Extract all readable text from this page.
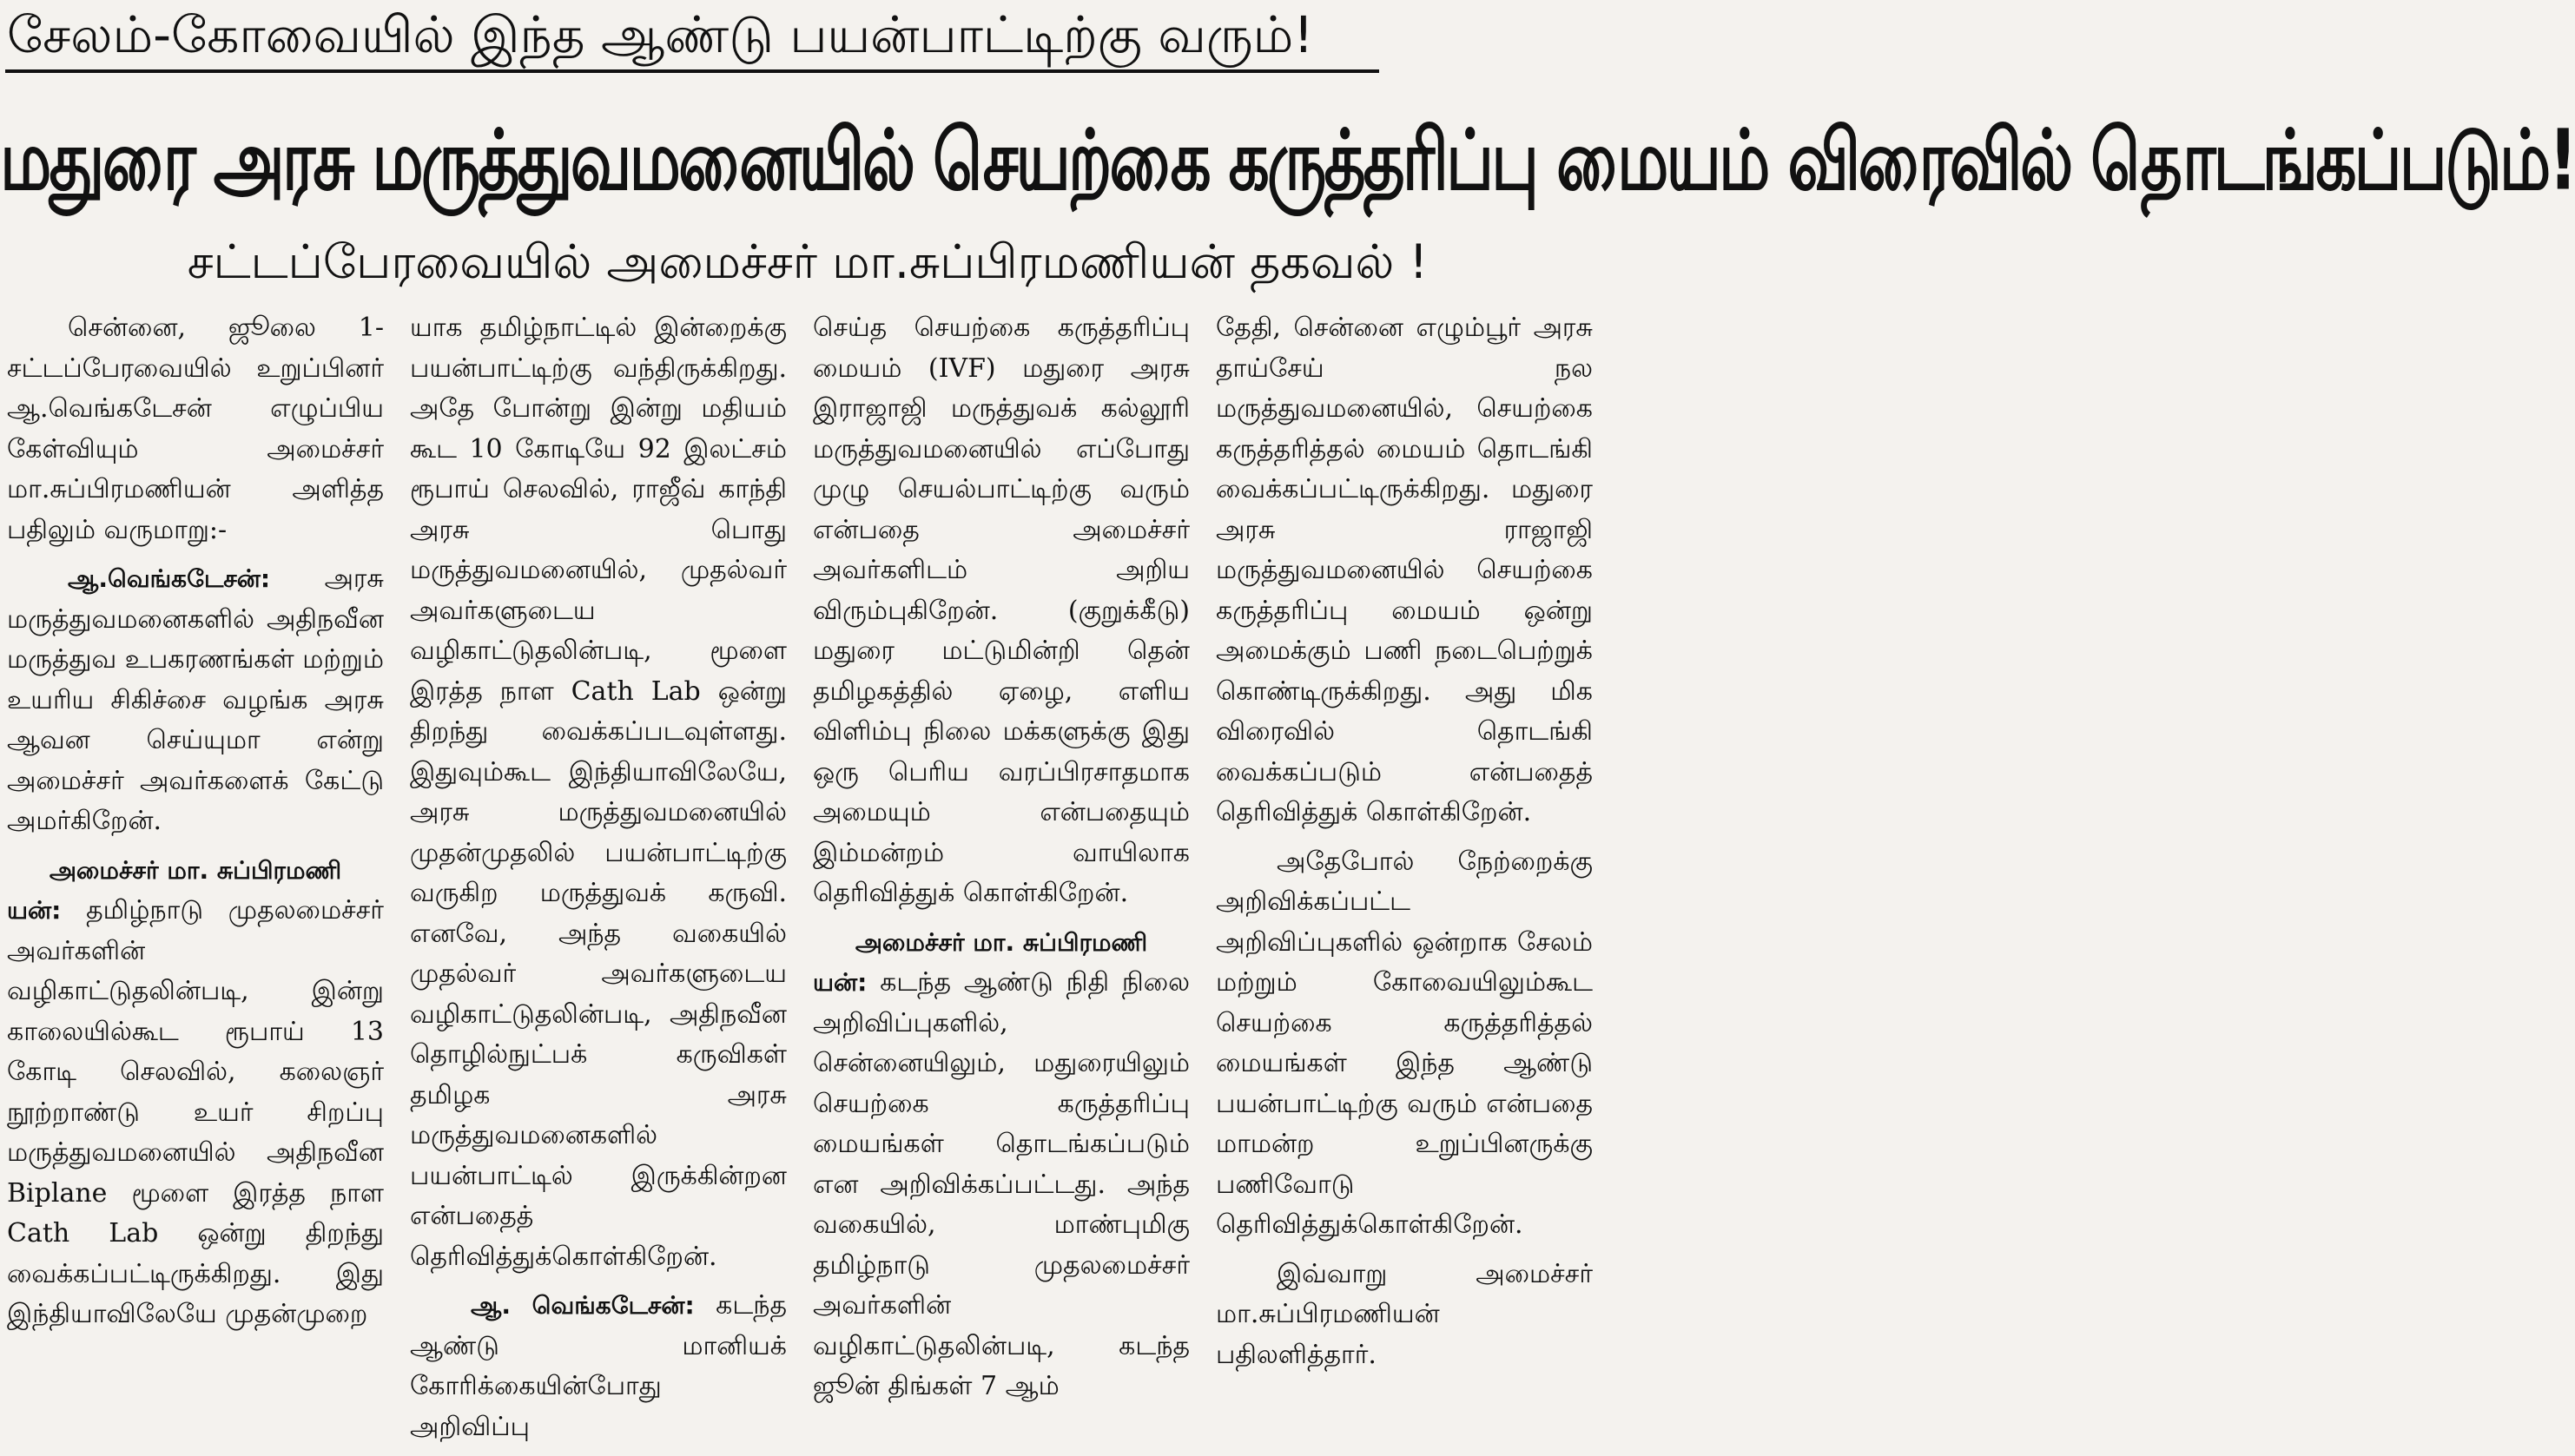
சேலம்-கோவையில் இந்த ஆண்டு பயன்பாட்டிற்கு வரும்!
மதுரை அரசு மருத்துவமனையில் செயற்கை கருத்தரிப்பு மையம் விரைவில் தொடங்கப்படும்!
சட்டப்பேரவையில் அமைச்சர் மா.சுப்பிரமணியன் தகவல் !

சென்னை, ஜூலை 1- சட்டப்பேரவையில் உறுப்பினர் ஆ.வெங்கடேசன் எழுப்பிய கேள்வியும் அமைச்சர் மா.சுப்பிரமணியன் அளித்த பதிலும் வருமாறு:-

ஆ.வெங்கடேசன்: அரசு மருத்துவமனைகளில் அதிநவீன மருத்துவ உபகரணங்கள் மற்றும் உயரிய சிகிச்சை வழங்க அரசு ஆவன செய்யுமா என்று அமைச்சர் அவர்களைக் கேட்டு அமர்கிறேன்.

அமைச்சர் மா. சுப்பிரமணி
யன்: தமிழ்நாடு முதலமைச்சர் அவர்களின் வழிகாட்டுதலின்படி, இன்று காலையில்கூட ரூபாய் 13 கோடி செலவில், கலைஞர் நூற்றாண்டு உயர் சிறப்பு மருத்துவமனையில் அதிநவீன Biplane மூளை இரத்த நாள Cath Lab ஒன்று திறந்து வைக்கப்பட்டிருக்கிறது. இது இந்தியாவிலேயே முதன்முறை

யாக தமிழ்நாட்டில் இன்றைக்கு பயன்பாட்டிற்கு வந்திருக்கிறது. அதே போன்று இன்று மதியம் கூட 10 கோடியே 92 இலட்சம் ரூபாய் செலவில், ராஜீவ் காந்தி அரசு பொது மருத்துவமனையில், முதல்வர் அவர்களுடைய வழிகாட்டுதலின்படி, மூளை இரத்த நாள Cath Lab ஒன்று திறந்து வைக்கப்படவுள்ளது. இதுவும்கூட இந்தியாவிலேயே, அரசு மருத்துவமனையில் முதன்முதலில் பயன்பாட்டிற்கு வருகிற மருத்துவக் கருவி. எனவே, அந்த வகையில் முதல்வர் அவர்களுடைய வழிகாட்டுதலின்படி, அதிநவீன தொழில்நுட்பக் கருவிகள் தமிழக அரசு மருத்துவமனைகளில் பயன்பாட்டில் இருக்கின்றன என்பதைத் தெரிவித்துக்கொள்கிறேன்.

ஆ. வெங்கடேசன்: கடந்த ஆண்டு மானியக் கோரிக்கையின்போது அறிவிப்பு

செய்த செயற்கை கருத்தரிப்பு மையம் (IVF) மதுரை அரசு இராஜாஜி மருத்துவக் கல்லூரி மருத்துவமனையில் எப்போது முழு செயல்பாட்டிற்கு வரும் என்பதை அமைச்சர் அவர்களிடம் அறிய விரும்புகிறேன். (குறுக்கீடு) மதுரை மட்டுமின்றி தென் தமிழகத்தில் ஏழை, எளிய விளிம்பு நிலை மக்களுக்கு இது ஒரு பெரிய வரப்பிரசாதமாக அமையும் என்பதையும் இம்மன்றம் வாயிலாக தெரிவித்துக் கொள்கிறேன்.

அமைச்சர் மா. சுப்பிரமணி
யன்: கடந்த ஆண்டு நிதி நிலை அறிவிப்புகளில், சென்னையிலும், மதுரையிலும் செயற்கை கருத்தரிப்பு மையங்கள் தொடங்கப்படும் என அறிவிக்கப்பட்டது. அந்த வகையில், மாண்புமிகு தமிழ்நாடு முதலமைச்சர் அவர்களின் வழிகாட்டுதலின்படி, கடந்த ஜூன் திங்கள் 7 ஆம்

தேதி, சென்னை எழும்பூர் அரசு தாய்சேய் நல மருத்துவமனையில், செயற்கை கருத்தரித்தல் மையம் தொடங்கி வைக்கப்பட்டிருக்கிறது. மதுரை அரசு ராஜாஜி மருத்துவமனையில் செயற்கை கருத்தரிப்பு மையம் ஒன்று அமைக்கும் பணி நடைபெற்றுக் கொண்டிருக்கிறது. அது மிக விரைவில் தொடங்கி வைக்கப்படும் என்பதைத் தெரிவித்துக் கொள்கிறேன்.

அதேபோல் நேற்றைக்கு அறிவிக்கப்பட்ட அறிவிப்புகளில் ஒன்றாக சேலம் மற்றும் கோவையிலும்கூட செயற்கை கருத்தரித்தல் மையங்கள் இந்த ஆண்டு பயன்பாட்டிற்கு வரும் என்பதை மாமன்ற உறுப்பினருக்கு பணிவோடு தெரிவித்துக்கொள்கிறேன்.

இவ்வாறு அமைச்சர் மா.சுப்பிரமணியன் பதிலளித்தார்.
